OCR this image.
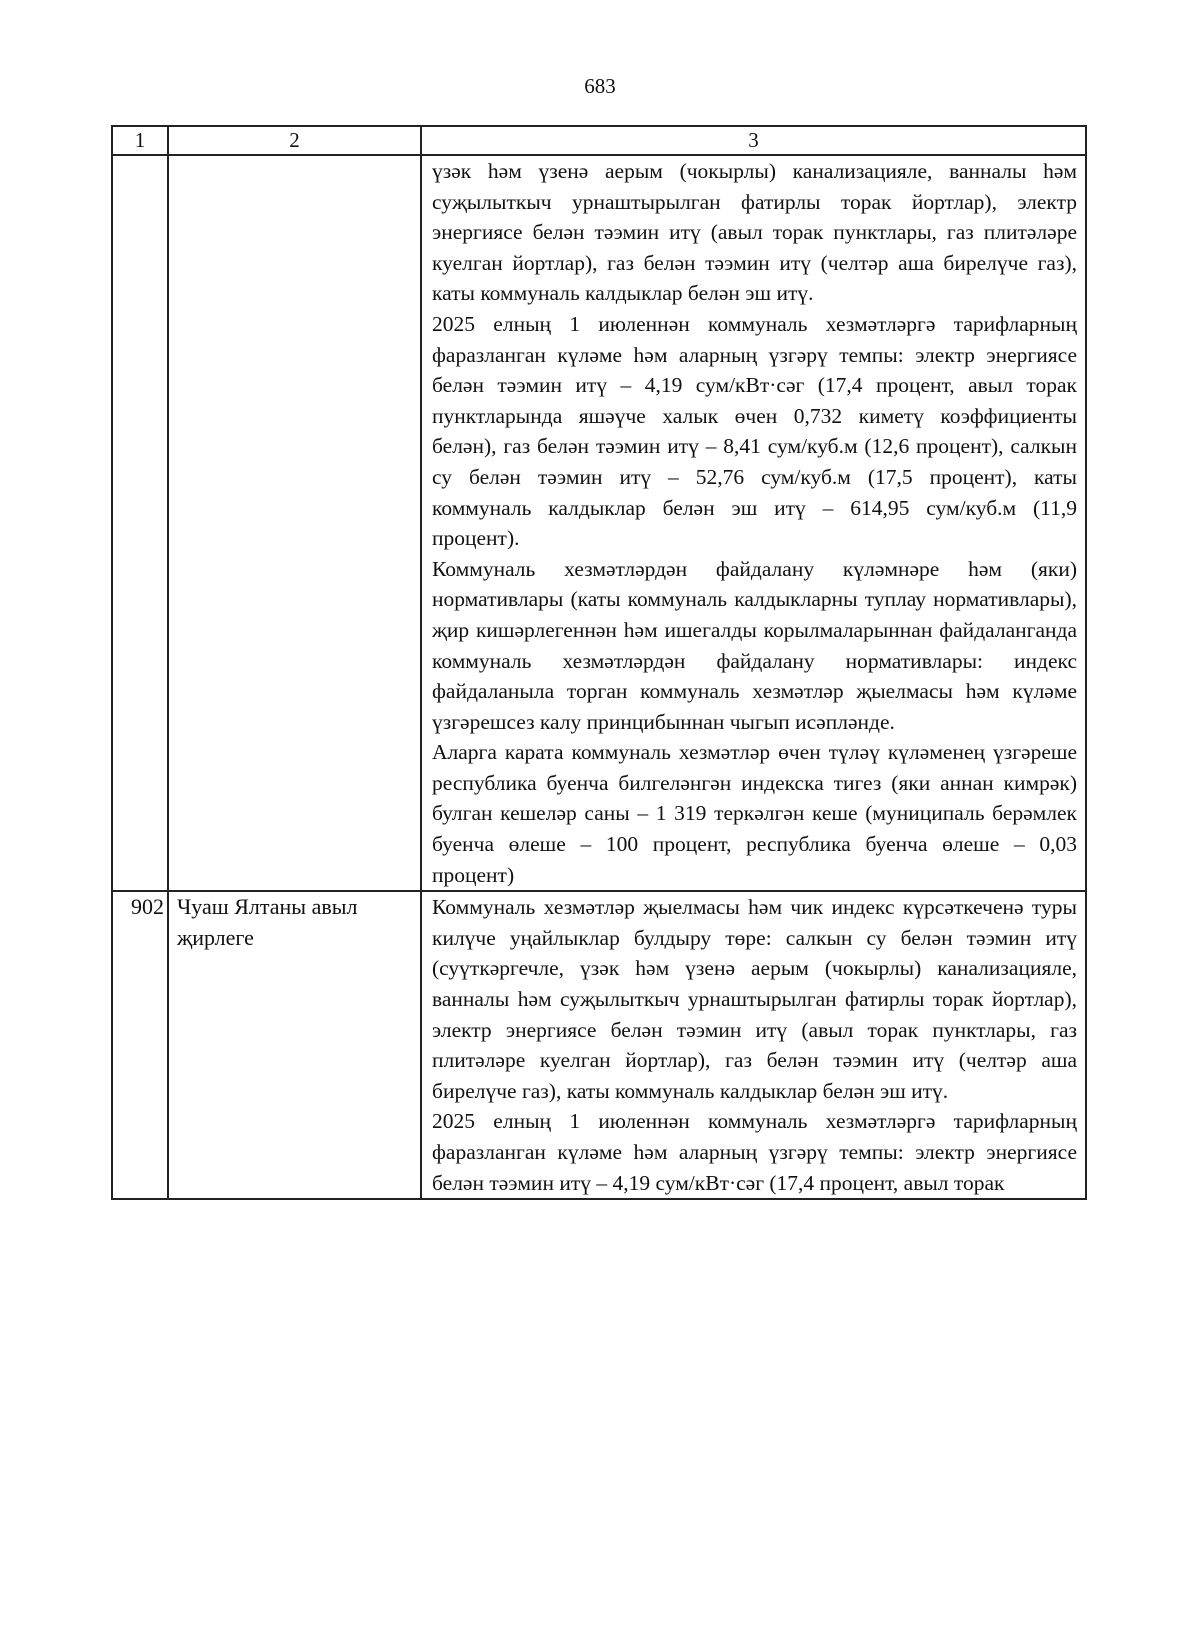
683
1	2	3

		үзәк һәм үзенә аерым (чокырлы) канализацияле, ванналы һәм суҗылыткыч урнаштырылган фатирлы торак йортлар), электр энергиясе белән тәэмин итү (авыл торак пунктлары, газ плитәләре куелган йортлар), газ белән тәэмин итү (челтәр аша бирелүче газ), каты коммуналь калдыклар белән эш итү.

2025 елның 1 июленнән коммуналь хезмәтләргә тарифларның фаразланган күләме һәм аларның үзгәрү темпы: электр энергиясе белән тәэмин итү – 4,19 сум/кВт·сәг (17,4 процент, авыл торак пунктларында яшәүче халык өчен 0,732 киметү коэффициенты белән), газ белән тәэмин итү – 8,41 сум/куб.м (12,6 процент), салкын су белән тәэмин итү – 52,76 сум/куб.м (17,5 процент), каты коммуналь калдыклар белән эш итү – 614,95 сум/куб.м (11,9 процент).

Коммуналь хезмәтләрдән файдалану күләмнәре һәм (яки) нормативлары (каты коммуналь калдыкларны туплау нормативлары), җир кишәрлегеннән һәм ишегалды корылмаларыннан файдаланганда коммуналь хезмәтләрдән файдалану нормативлары: индекс файдаланыла торган коммуналь хезмәтләр җыелмасы һәм күләме үзгәрешсез калу принцибыннан чыгып исәпләнде.

Аларга карата коммуналь хезмәтләр өчен түләү күләменең үзгәреше республика буенча билгеләнгән индекска тигез (яки аннан кимрәк) булган кешеләр саны – 1 319 теркәлгән кеше (муниципаль берәмлек буенча өлеше – 100 процент, республика буенча өлеше – 0,03 процент)

902	Чуаш Ялтаны авыл җирлеге	Коммуналь хезмәтләр җыелмасы һәм чик индекс күрсәткеченә туры килүче уңайлыклар булдыру төре: салкын су белән тәэмин итү (суүткәргечле, үзәк һәм үзенә аерым (чокырлы) канализацияле, ванналы һәм суҗылыткыч урнаштырылган фатирлы торак йортлар), электр энергиясе белән тәэмин итү (авыл торак пунктлары, газ плитәләре куелган йортлар), газ белән тәэмин итү (челтәр аша бирелүче газ), каты коммуналь калдыклар белән эш итү.

2025 елның 1 июленнән коммуналь хезмәтләргә тарифларның фаразланган күләме һәм аларның үзгәрү темпы: электр энергиясе белән тәэмин итү – 4,19 сум/кВт·сәг (17,4 процент, авыл торак
